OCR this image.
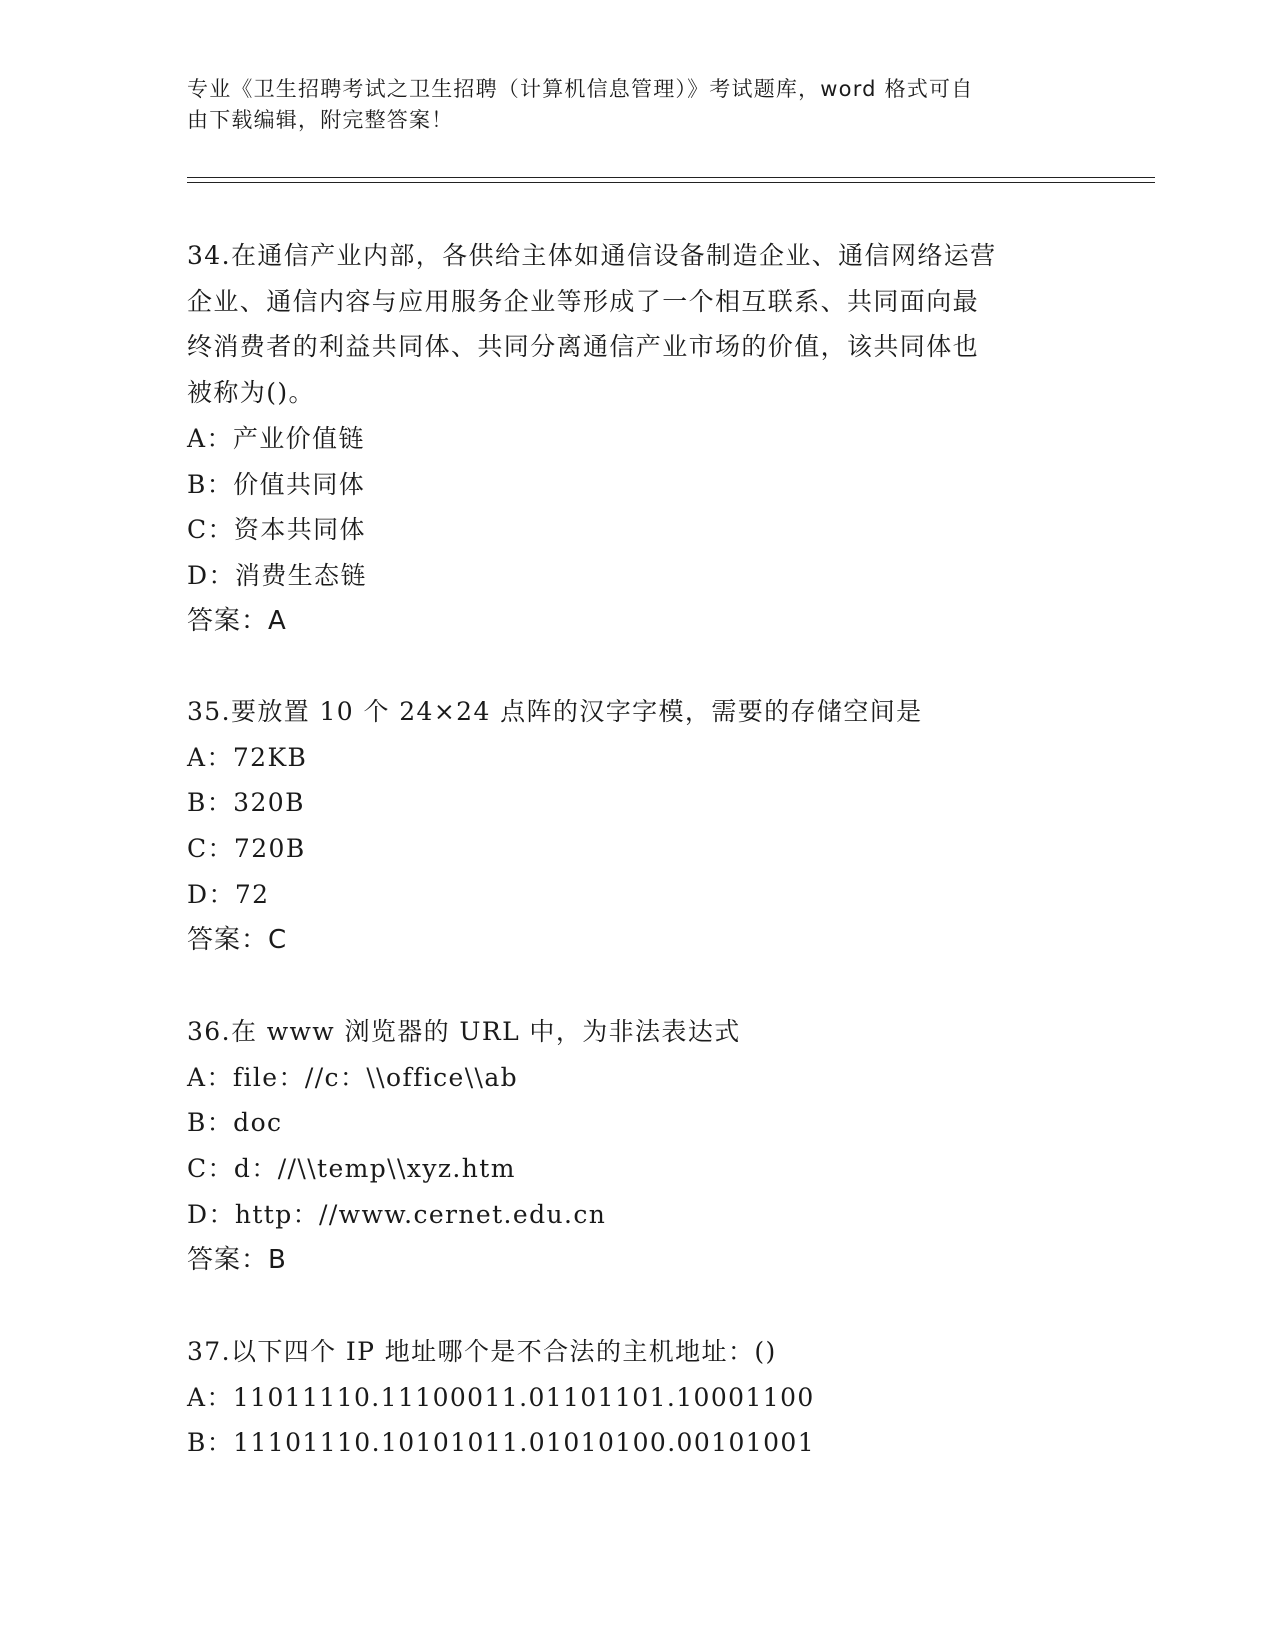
专业《卫生招聘考试之卫生招聘（计算机信息管理）》考试题库，word 格式可自
由下载编辑，附完整答案！
34.在通信产业内部，各供给主体如通信设备制造企业、通信网络运营
企业、通信内容与应用服务企业等形成了一个相互联系、共同面向最
终消费者的利益共同体、共同分离通信产业市场的价值，该共同体也
被称为()。
A：产业价值链
B：价值共同体
C：资本共同体
D：消费生态链
答案：A
35.要放置 10 个 24×24 点阵的汉字字模，需要的存储空间是
A：72KB
B：320B
C：720B
D：72
答案：C
36.在 www 浏览器的 URL 中，为非法表达式
A：file：//c：\\office\\ab
B：doc
C：d：//\\temp\\xyz.htm
D：http：//www.cernet.edu.cn
答案：B
37.以下四个 IP 地址哪个是不合法的主机地址：()
A：11011110.11100011.01101101.10001100
B：11101110.10101011.01010100.00101001
